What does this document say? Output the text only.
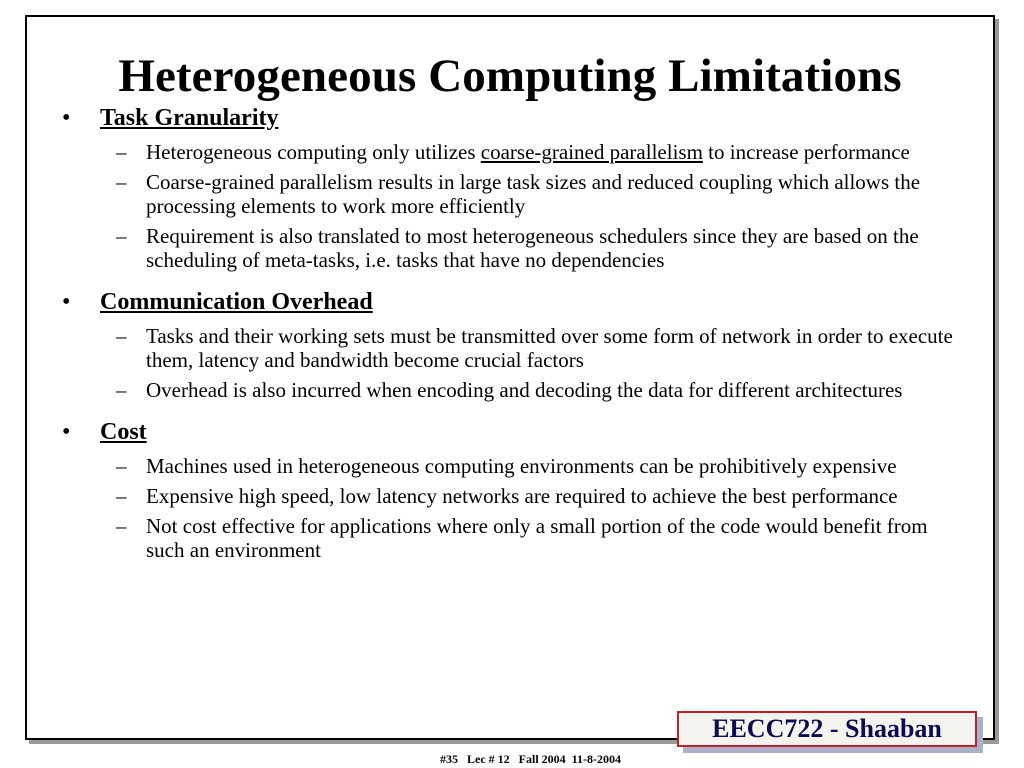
Heterogeneous Computing Limitations
•	Task Granularity
– Heterogeneous computing only utilizes coarse-grained parallelism to increase performance
– Coarse-grained parallelism results in large task sizes and reduced coupling which allows the processing elements to work more efficiently
– Requirement is also translated to most heterogeneous schedulers since they are based on the scheduling of meta-tasks, i.e. tasks that have no dependencies
•	Communication Overhead
– Tasks and their working sets must be transmitted over some form of network in order to execute them, latency and bandwidth become crucial factors
– Overhead is also incurred when encoding and decoding the data for different architectures
•	Cost
– Machines used in heterogeneous computing environments can be prohibitively expensive
– Expensive high speed, low latency networks are required to achieve the best performance
– Not cost effective for applications where only a small portion of the code would benefit from such an environment
EECC722 - Shaaban
#35   Lec # 12   Fall 2004  11-8-2004
